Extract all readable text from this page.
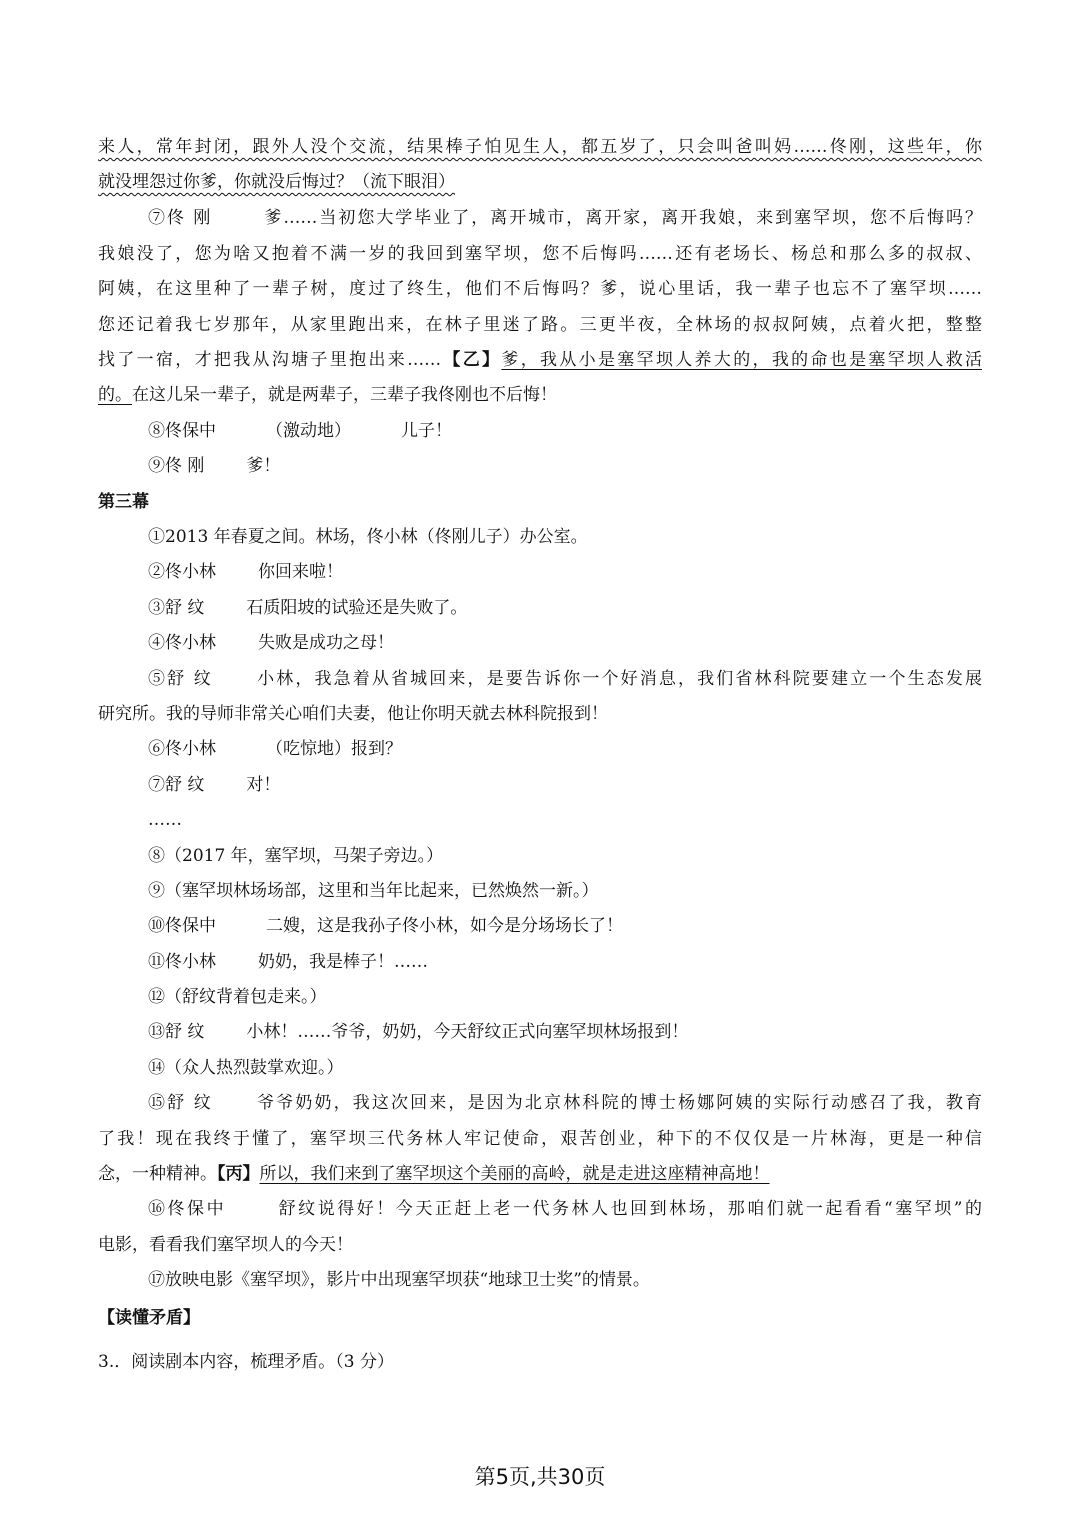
来人，常年封闭，跟外人没个交流，结果棒子怕见生人，都五岁了，只会叫爸叫妈……佟刚，这些年，你
就没埋怨过你爹，你就没后悔过？（流下眼泪）
⑦佟 刚	爹……当初您大学毕业了，离开城市，离开家，离开我娘，来到塞罕坝，您不后悔吗？
我娘没了，您为啥又抱着不满一岁的我回到塞罕坝，您不后悔吗……还有老场长、杨总和那么多的叔叔、
阿姨，在这里种了一辈子树，度过了终生，他们不后悔吗？爹，说心里话，我一辈子也忘不了塞罕坝……
您还记着我七岁那年，从家里跑出来，在林子里迷了路。三更半夜，全林场的叔叔阿姨，点着火把，整整
找了一宿，才把我从沟塘子里抱出来……【乙】爹，我从小是塞罕坝人养大的，我的命也是塞罕坝人救活
的。在这儿呆一辈子，就是两辈子，三辈子我佟刚也不后悔！
⑧佟保中	（激动地）	儿子！
⑨佟 刚 爹！
第三幕
①2013 年春夏之间。林场，佟小林（佟刚儿子）办公室。
②佟小林 你回来啦！
③舒 纹 石质阳坡的试验还是失败了。
④佟小林 失败是成功之母！
⑤舒 纹 小林，我急着从省城回来，是要告诉你一个好消息，我们省林科院要建立一个生态发展
研究所。我的导师非常关心咱们夫妻，他让你明天就去林科院报到！
⑥佟小林	（吃惊地）报到？
⑦舒 纹 对！
……
⑧（2017 年，塞罕坝，马架子旁边。）
⑨（塞罕坝林场场部，这里和当年比起来，已然焕然一新。）
⑩佟保中	二嫂，这是我孙子佟小林，如今是分场场长了！
⑪佟小林 奶奶，我是棒子！……
⑫（舒纹背着包走来。）
⑬舒 纹 小林！……爷爷，奶奶，今天舒纹正式向塞罕坝林场报到！
⑭（众人热烈鼓掌欢迎。）
⑮舒 纹 爷爷奶奶，我这次回来，是因为北京林科院的博士杨娜阿姨的实际行动感召了我，教育
了我！现在我终于懂了，塞罕坝三代务林人牢记使命，艰苦创业，种下的不仅仅是一片林海，更是一种信
念，一种精神。【丙】所以，我们来到了塞罕坝这个美丽的高岭，就是走进这座精神高地！
⑯佟保中	舒纹说得好！今天正赶上老一代务林人也回到林场，那咱们就一起看看“塞罕坝”的
电影，看看我们塞罕坝人的今天！
⑰放映电影《塞罕坝》，影片中出现塞罕坝获“地球卫士奖”的情景。
【读懂矛盾】
3.．阅读剧本内容，梳理矛盾。（3 分）
第5页,共30页
